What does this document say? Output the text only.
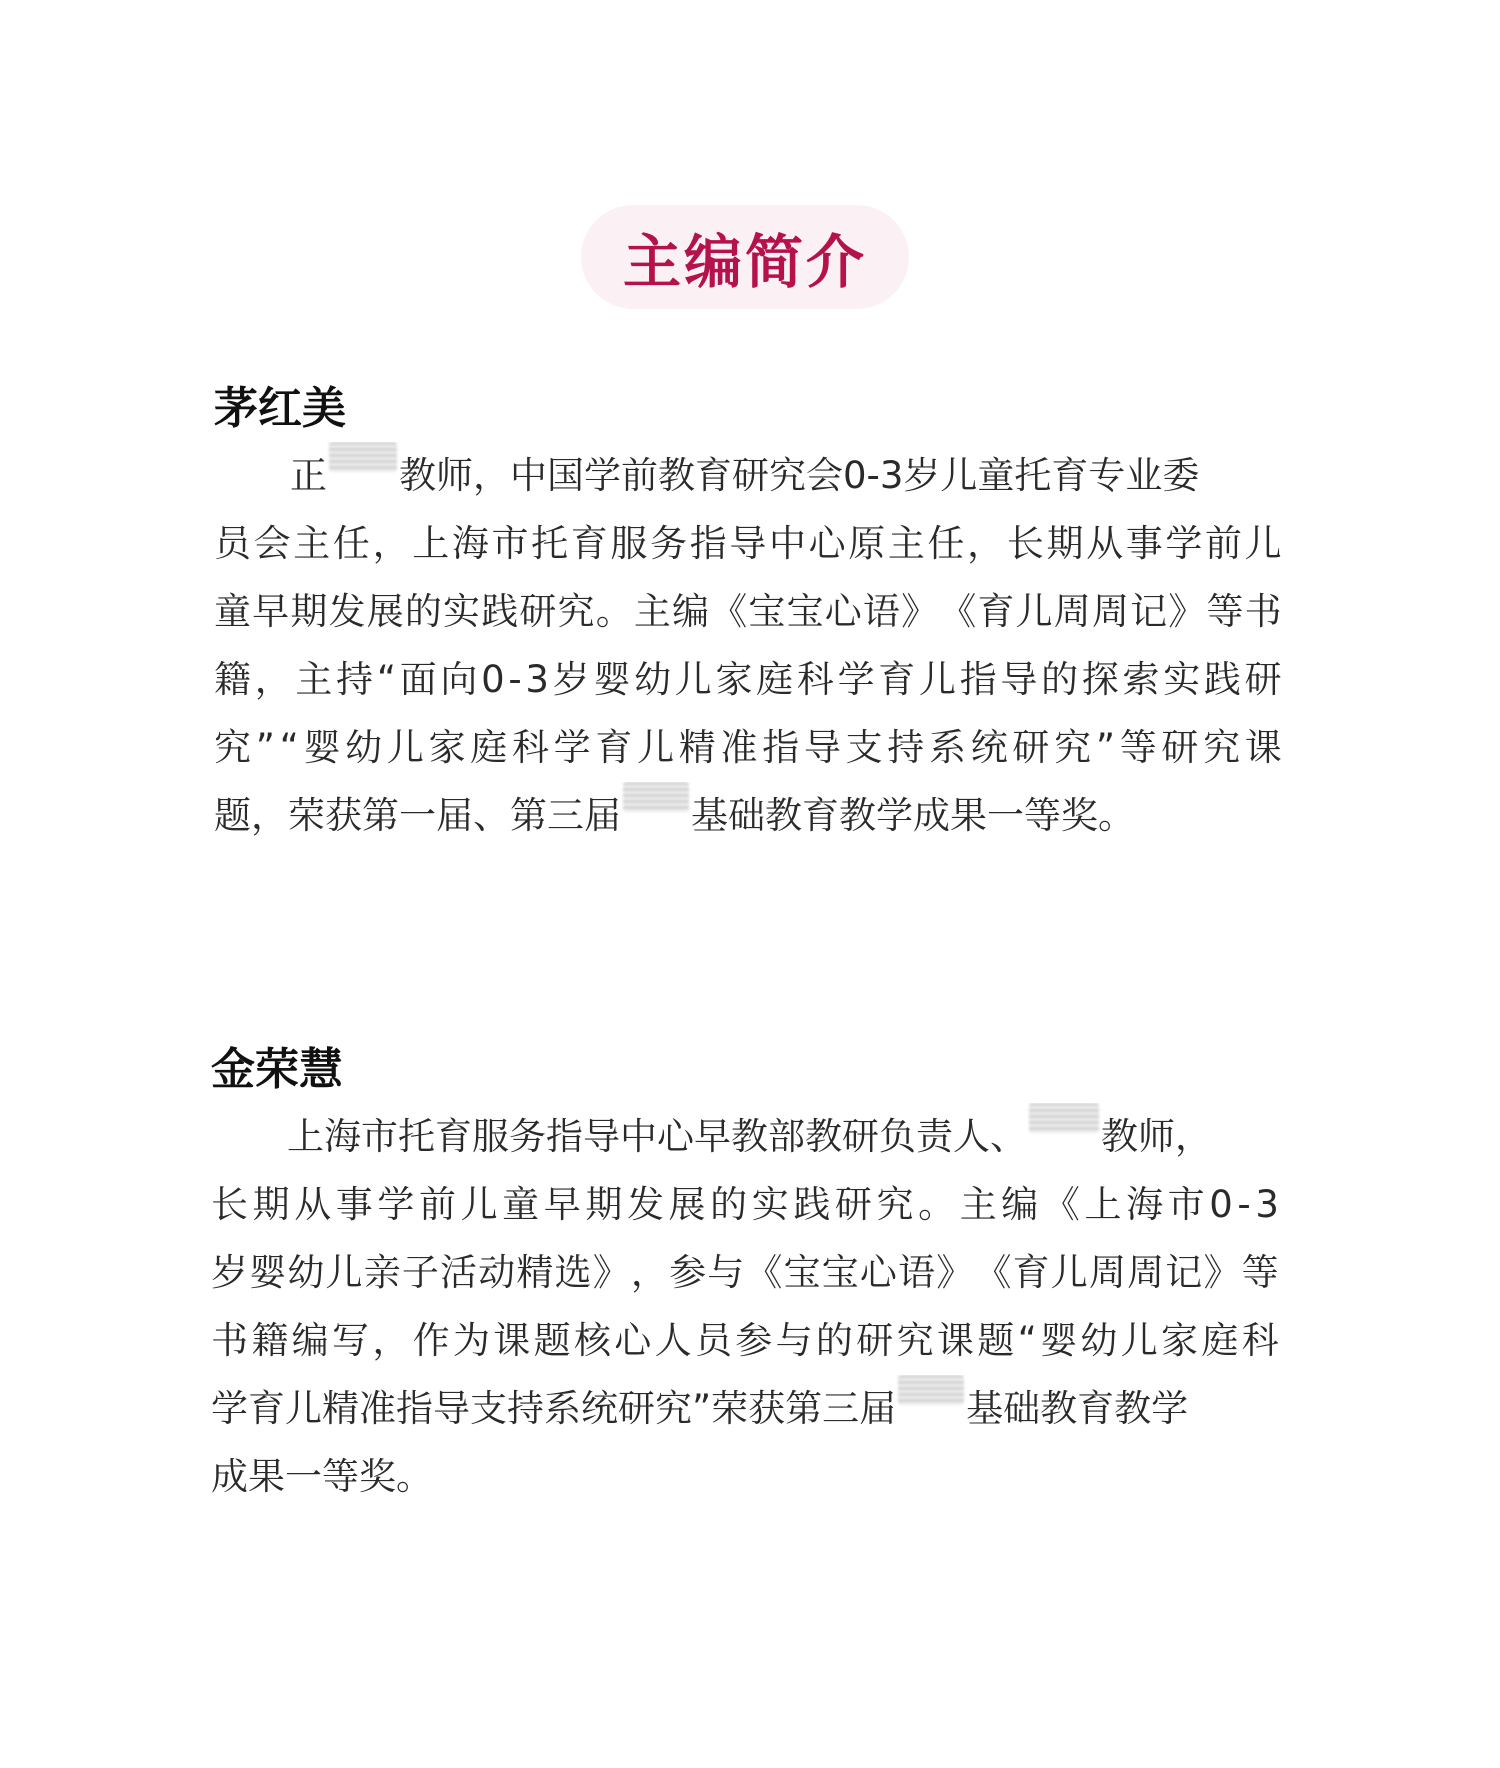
主编简介
茅红美
正 教师，中国学前教育研究会0-3岁儿童托育专业委
员 会 主 任 ， 上 海 市 托 育 服 务 指 导 中 心 原 主 任 ， 长 期 从 事 学 前 儿
童 早 期 发 展 的 实 践 研 究 。 主 编 《 宝 宝 心 语 》 《 育 儿 周 周 记 》 等 书
籍 ， 主 持 “ 面 向 0 - 3 岁 婴 幼 儿 家 庭 科 学 育 儿 指 导 的 探 索 实 践 研
究 ” “ 婴 幼 儿 家 庭 科 学 育 儿 精 准 指 导 支 持 系 统 研 究 ” 等 研 究 课
题，荣获第一届、第三届 基础教育教学成果一等奖。
金荣慧
上海市托育服务指导中心早教部教研负责人、 教师，
长 期 从 事 学 前 儿 童 早 期 发 展 的 实 践 研 究 。 主 编 《 上 海 市 0 - 3
岁 婴 幼 儿 亲 子 活 动 精 选 》 ， 参 与 《 宝 宝 心 语 》 《 育 儿 周 周 记 》 等
书 籍 编 写 ， 作 为 课 题 核 心 人 员 参 与 的 研 究 课 题 “ 婴 幼 儿 家 庭 科
学育儿精准指导支持系统研究”荣获第三届 基础教育教学
成果一等奖。
